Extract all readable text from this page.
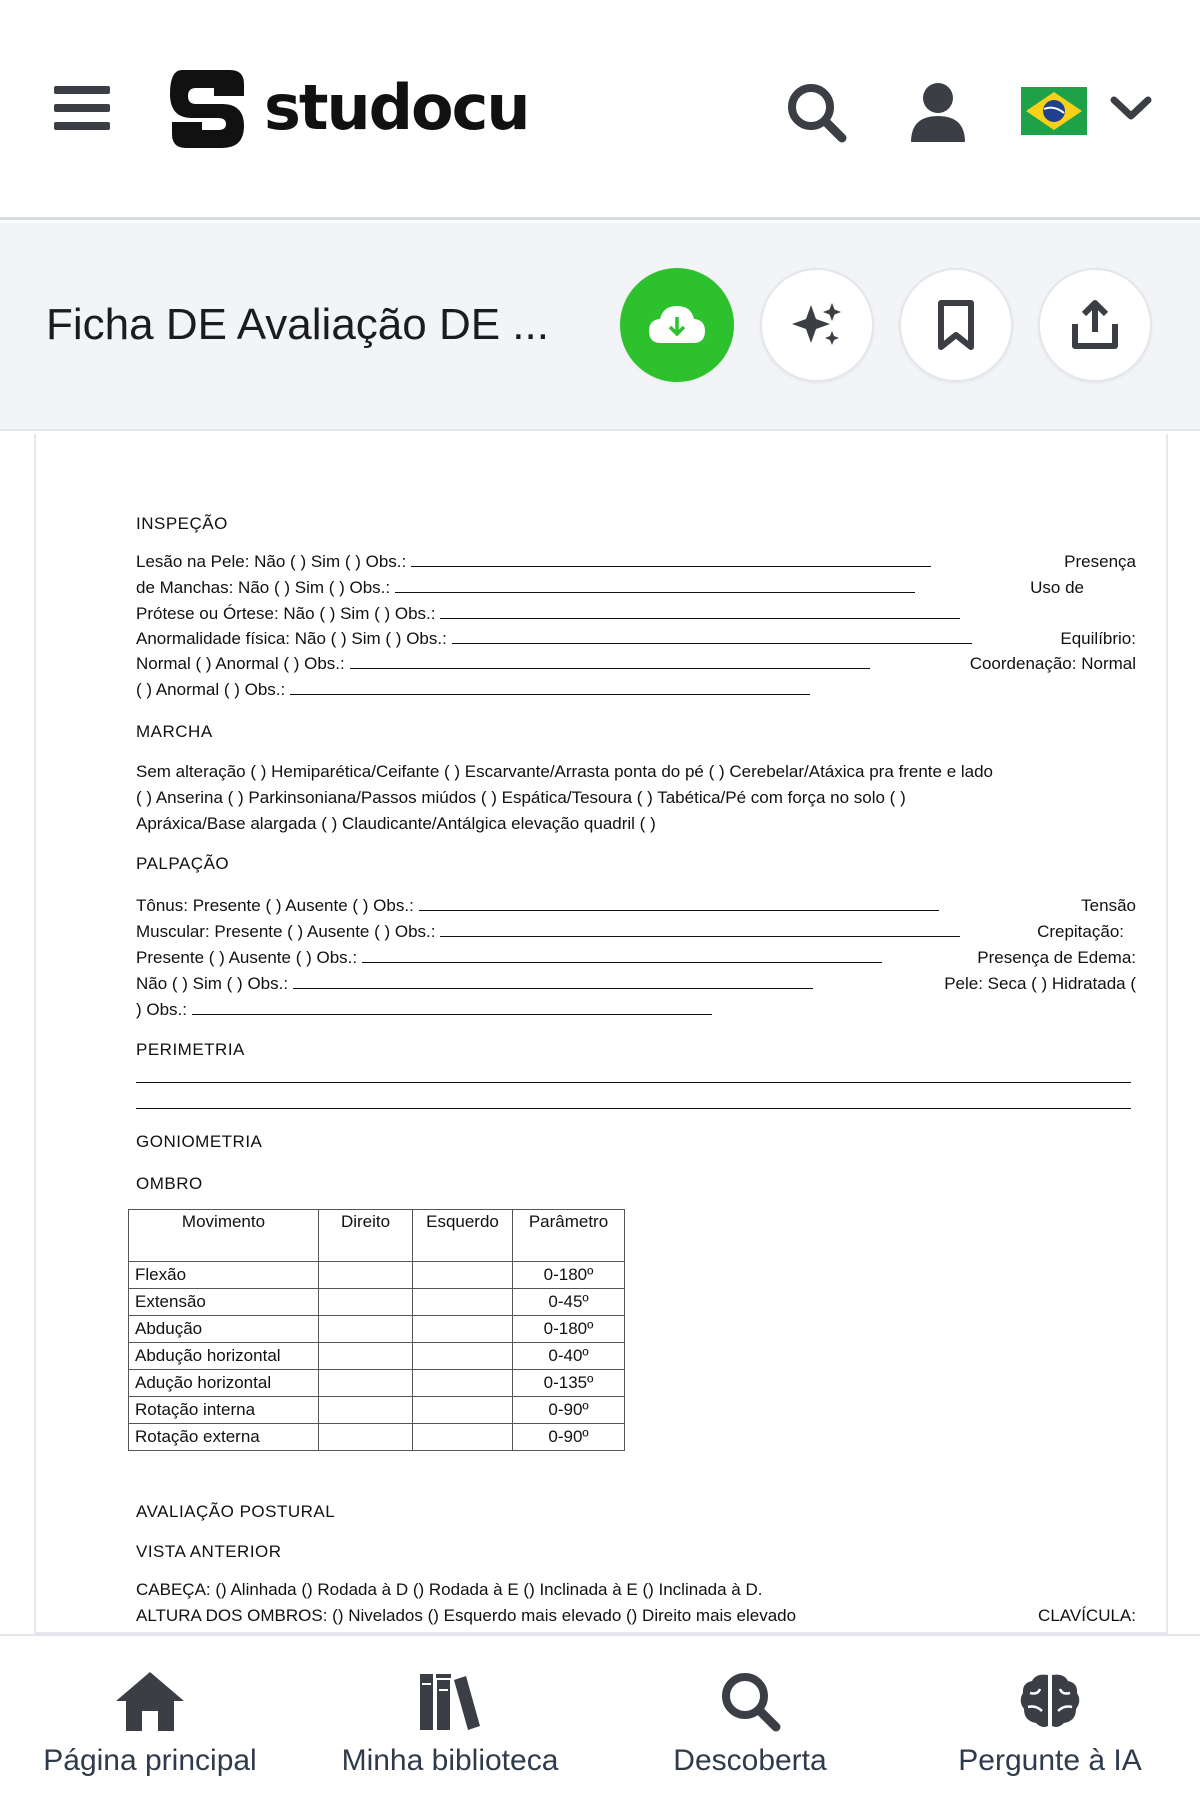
studocu
Ficha DE Avaliação DE ...
INSPEÇÃO
Lesão na Pele: Não ( ) Sim ( ) Obs.:	Presença
de Manchas: Não ( ) Sim ( ) Obs.:	Uso de
Prótese ou Órtese: Não ( ) Sim ( ) Obs.:
Anormalidade física: Não ( ) Sim ( ) Obs.:	Equilíbrio:
Normal ( ) Anormal ( ) Obs.:	Coordenação: Normal
( ) Anormal ( ) Obs.:
MARCHA
Sem alteração ( ) Hemiparética/Ceifante ( ) Escarvante/Arrasta ponta do pé ( ) Cerebelar/Atáxica pra frente e lado
( ) Anserina ( ) Parkinsoniana/Passos miúdos ( ) Espática/Tesoura ( ) Tabética/Pé com força no solo ( )
Apráxica/Base alargada ( ) Claudicante/Antálgica elevação quadril ( )
PALPAÇÃO
Tônus: Presente ( ) Ausente ( ) Obs.:	Tensão
Muscular: Presente ( ) Ausente ( ) Obs.:	Crepitação:
Presente ( ) Ausente ( ) Obs.:	Presença de Edema:
Não ( ) Sim ( ) Obs.:	Pele: Seca ( ) Hidratada (
) Obs.:
PERIMETRIA
GONIOMETRIA
OMBRO
Movimento	Direito	Esquerdo	Parâmetro
Flexão			0-180º
Extensão			0-45º
Abdução			0-180º
Abdução horizontal			0-40º
Adução horizontal			0-135º
Rotação interna			0-90º
Rotação externa			0-90º
AVALIAÇÃO POSTURAL
VISTA ANTERIOR
CABEÇA: () Alinhada () Rodada à D () Rodada à E () Inclinada à E () Inclinada à D.
ALTURA DOS OMBROS: () Nivelados () Esquerdo mais elevado () Direito mais elevado	CLAVÍCULA:
Página principal	Minha biblioteca	Descoberta	Pergunte à IA
